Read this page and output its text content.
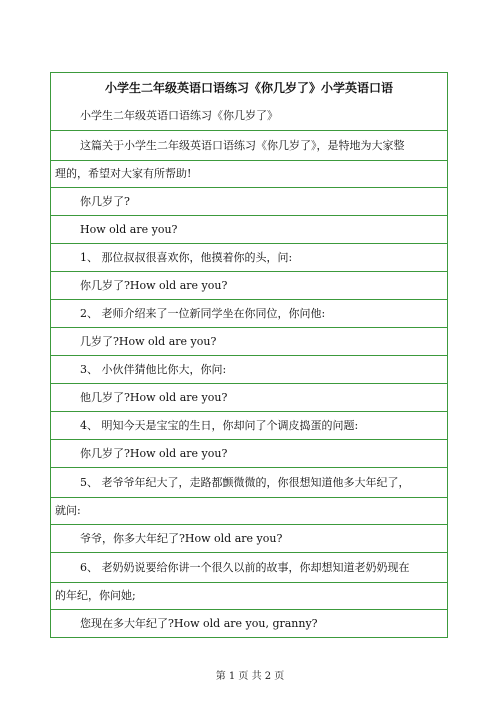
小学生二年级英语口语练习《你几岁了》小学英语口语
小学生二年级英语口语练习《你几岁了》
这篇关于小学生二年级英语口语练习《你几岁了》，是特地为大家整
理的，希望对大家有所帮助!
你几岁了?
How old are you?
1、 那位叔叔很喜欢你，他摸着你的头，问:
你几岁了?How old are you?
2、 老师介绍来了一位新同学坐在你同位，你问他:
几岁了?How old are you?
3、 小伙伴猜他比你大，你问:
他几岁了?How old are you?
4、 明知今天是宝宝的生日，你却问了个调皮捣蛋的问题:
你几岁了?How old are you?
5、 老爷爷年纪大了，走路都颤微微的，你很想知道他多大年纪了，
就问:
爷爷，你多大年纪了?How old are you?
6、 老奶奶说要给你讲一个很久以前的故事，你却想知道老奶奶现在
的年纪，你问她;
您现在多大年纪了?How old are you, granny?
第 1 页 共 2 页
